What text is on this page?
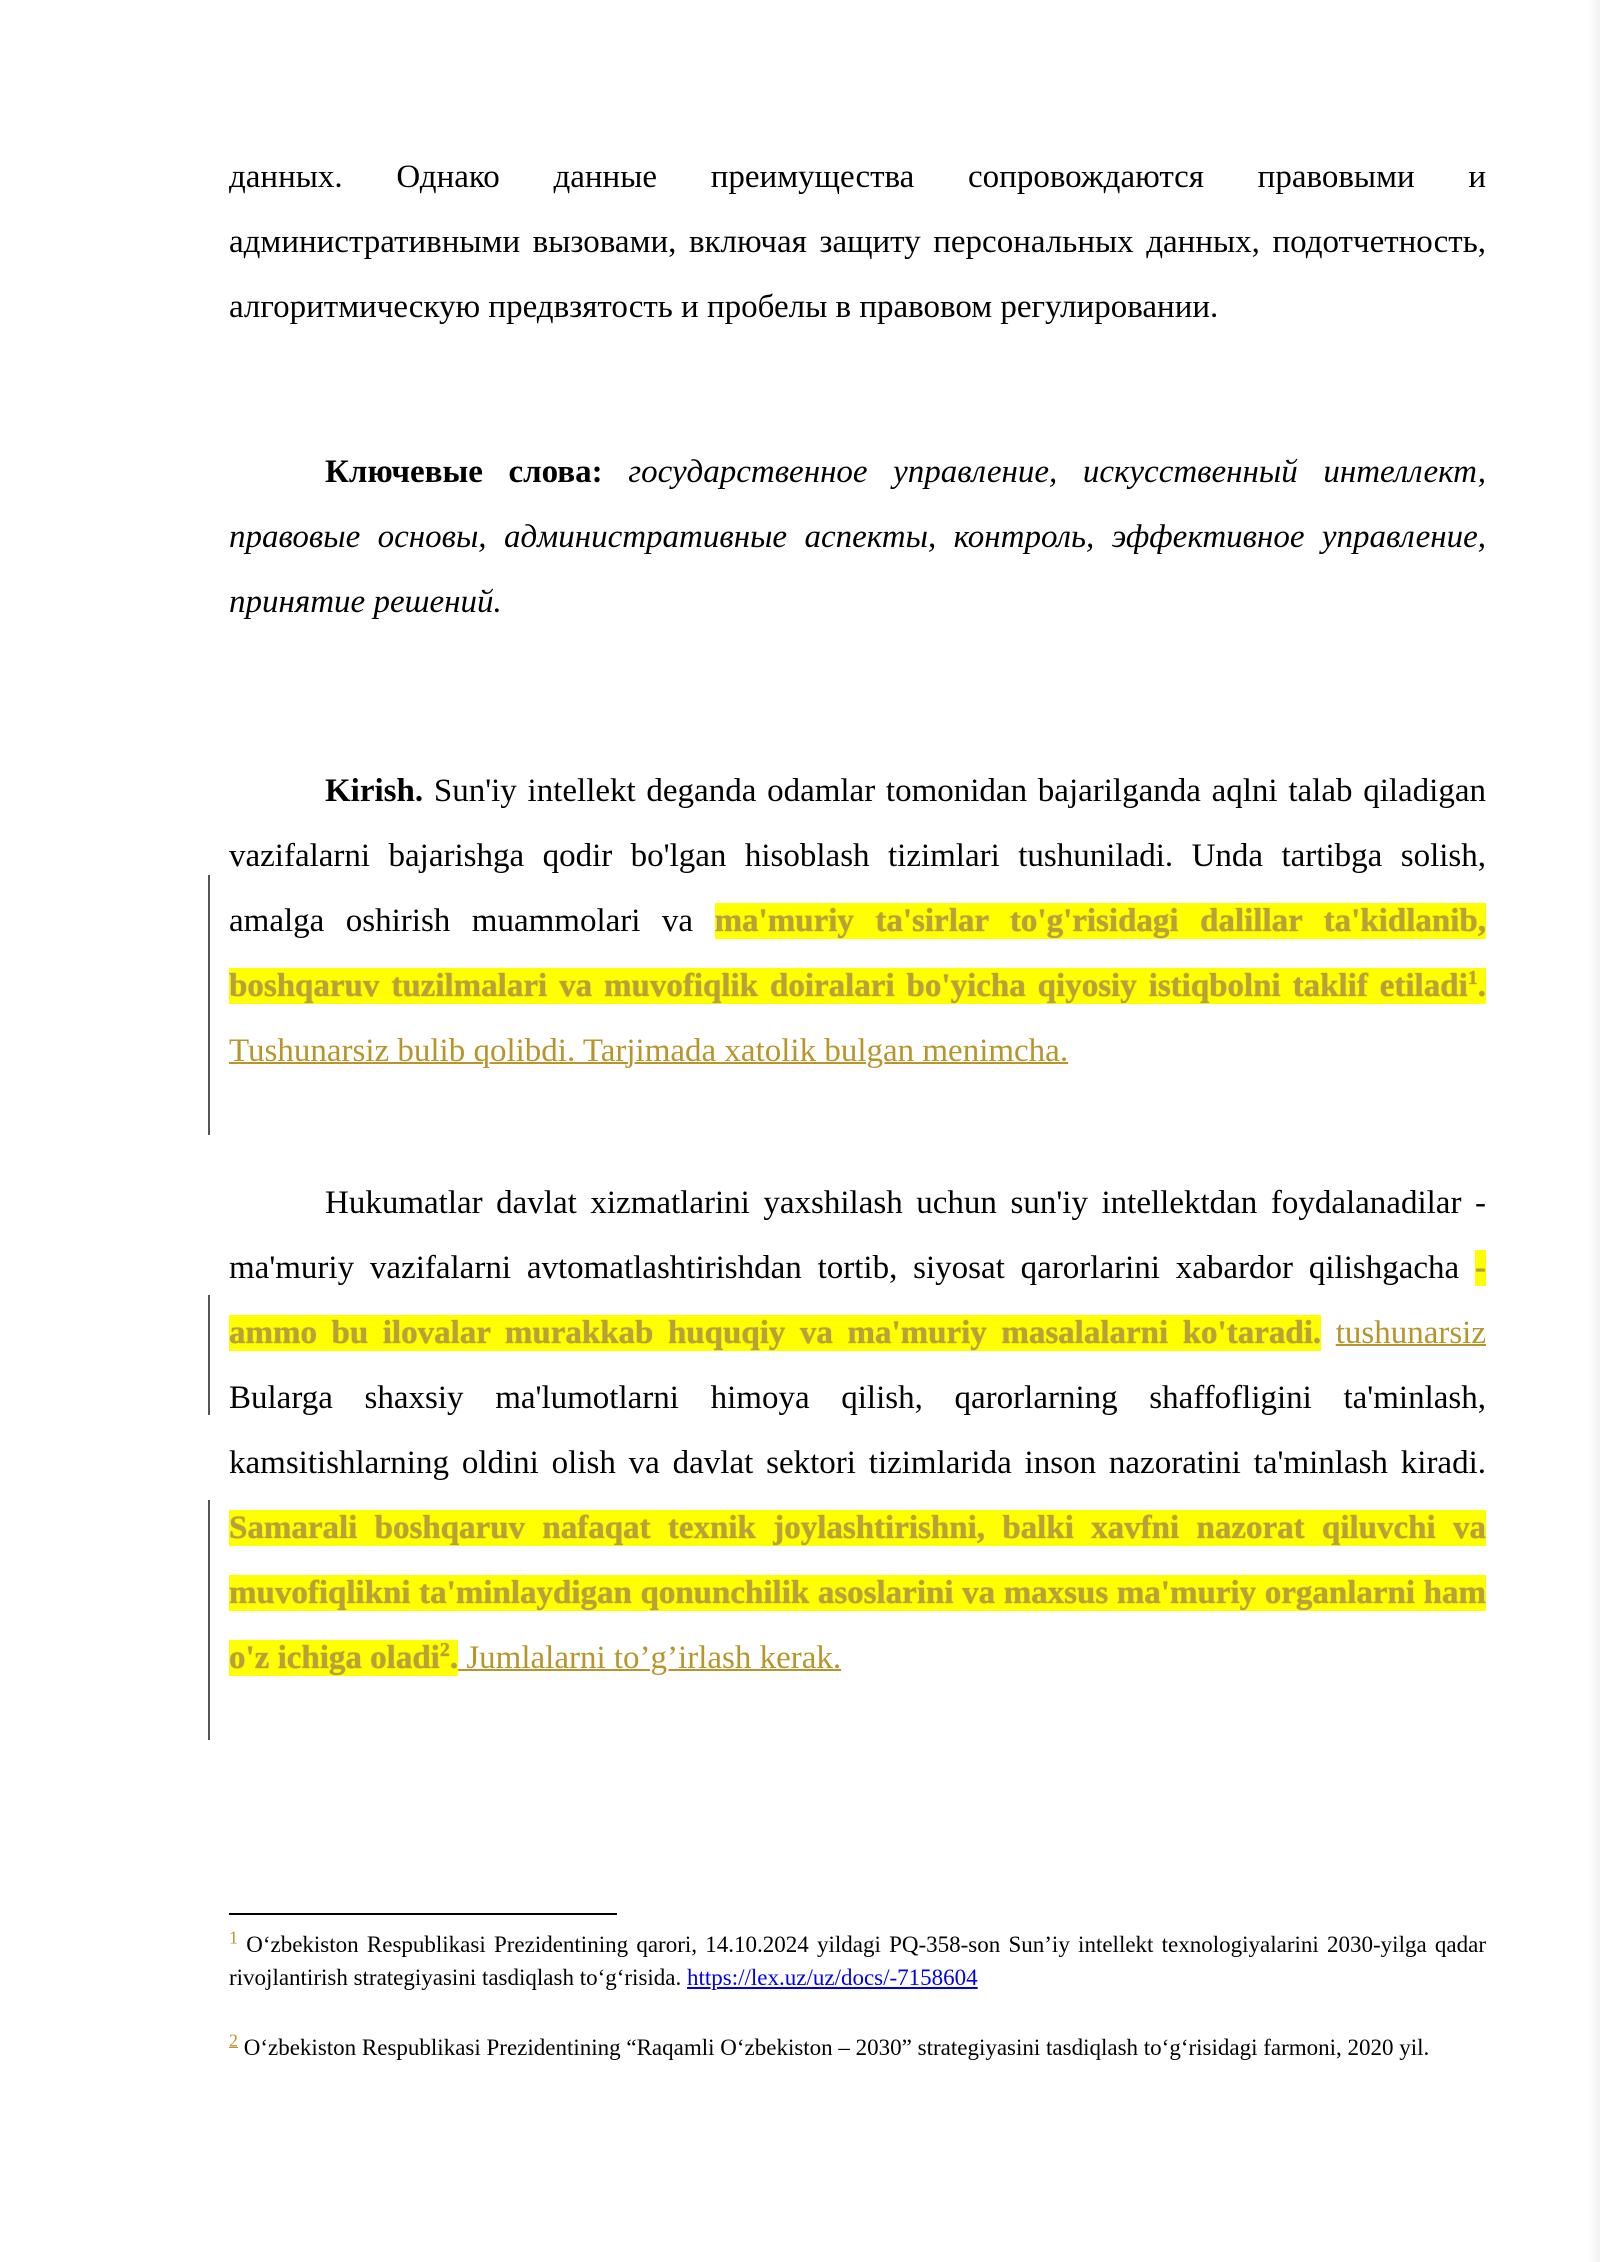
данных. Однако данные преимущества сопровождаются правовыми и административными вызовами, включая защиту персональных данных, подотчетность, алгоритмическую предвзятость и пробелы в правовом регулировании.

Ключевые слова: государственное управление, искусственный интеллект, правовые основы, административные аспекты, контроль, эффективное управление, принятие решений.

Kirish. Sun'iy intellekt deganda odamlar tomonidan bajarilganda aqlni talab qiladigan vazifalarni bajarishga qodir bo'lgan hisoblash tizimlari tushuniladi. Unda tartibga solish, amalga oshirish muammolari va ma'muriy ta'sirlar to'g'risidagi dalillar ta'kidlanib, boshqaruv tuzilmalari va muvofiqlik doiralari bo'yicha qiyosiy istiqbolni taklif etiladi$^1$. Tushunarsiz bulib qolibdi. Tarjimada xatolik bulgan menimcha.

Hukumatlar davlat xizmatlarini yaxshilash uchun sun'iy intellektdan foydalanadilar - ma'muriy vazifalarni avtomatlashtirishdan tortib, siyosat qarorlarini xabardor qilishgacha - ammo bu ilovalar murakkab huquqiy va ma'muriy masalalarni ko'taradi. tushunarsiz Bularga shaxsiy ma'lumotlarni himoya qilish, qarorlarning shaffofligini ta'minlash, kamsitishlarning oldini olish va davlat sektori tizimlarida inson nazoratini ta'minlash kiradi. Samarali boshqaruv nafaqat texnik joylashtirishni, balki xavfni nazorat qiluvchi va muvofiqlikni ta'minlaydigan qonunchilik asoslarini va maxsus ma'muriy organlarni ham o'z ichiga oladi$^2$. Jumlalarni to’g’irlash kerak.

$^1$ O‘zbekiston Respublikasi Prezidentining qarori, 14.10.2024 yildagi PQ-358-son Sun’iy intellekt texnologiyalarini 2030-yilga qadar rivojlantirish strategiyasini tasdiqlash to‘g‘risida. https://lex.uz/uz/docs/-7158604

$^2$ O‘zbekiston Respublikasi Prezidentining “Raqamli O‘zbekiston – 2030” strategiyasini tasdiqlash to‘g‘risidagi farmoni, 2020 yil.
